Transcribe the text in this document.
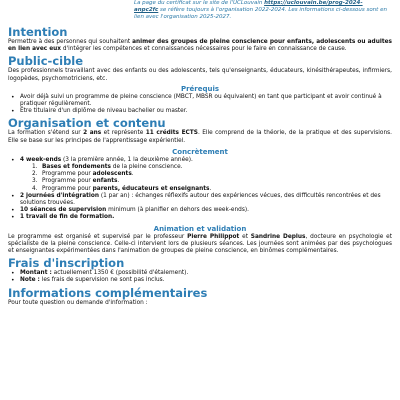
La page du certificat sur le site de l'UCLouvain https://uclouvain.be/prog-2024-
anpc2fc se réfère toujours à l'organisation 2022-2024. Les informations ci-dessous sont en lien avec l'organisation 2025-2027.
Intention

Permettre à des personnes qui souhaitent animer des groupes de pleine conscience pour enfants, adolescents ou adultes en lien avec eux d'intégrer les compétences et connaissances nécessaires pour le faire en connaissance de cause.

Public-cible

Des professionnels travaillant avec des enfants ou des adolescents, tels qu'enseignants, éducateurs, kinésithérapeutes, infirmiers, logopèdes, psychomotriciens, etc.

Prérequis
• Avoir déjà suivi un programme de pleine conscience (MBCT, MBSR ou équivalent) en tant que participant et avoir continué à pratiquer régulièrement.
• Être titulaire d'un diplôme de niveau bachelier ou master.
Organisation et contenu

La formation s'étend sur 2 ans et représente 11 crédits ECTS. Elle comprend de la théorie, de la pratique et des supervisions. Elle se base sur les principes de l'apprentissage expérientiel.

Concrètement
• 4 week-ends (3 la première année, 1 la deuxième année).
1. Bases et fondements de la pleine conscience.
2. Programme pour adolescents.
3. Programme pour enfants.
4. Programme pour parents, éducateurs et enseignants.
• 2 journées d'intégration (1 par an) : échanges réflexifs autour des expériences vécues, des difficultés rencontrées et des solutions trouvées.
• 10 séances de supervision minimum (à planifier en dehors des week-ends).
• 1 travail de fin de formation.
Animation et validation

Le programme est organisé et supervisé par le professeur Pierre Philippot et Sandrine Deplus, docteure en psychologie et spécialiste de la pleine conscience. Celle-ci intervient lors de plusieurs séances. Les journées sont animées par des psychologues et enseignantes expérimentées dans l'animation de groupes de pleine conscience, en binômes complémentaires.

Frais d'inscription
• Montant : actuellement 1350 € (possibilité d'étalement).
• Note : les frais de supervision ne sont pas inclus.
Informations complémentaires

Pour toute question ou demande d'information :
